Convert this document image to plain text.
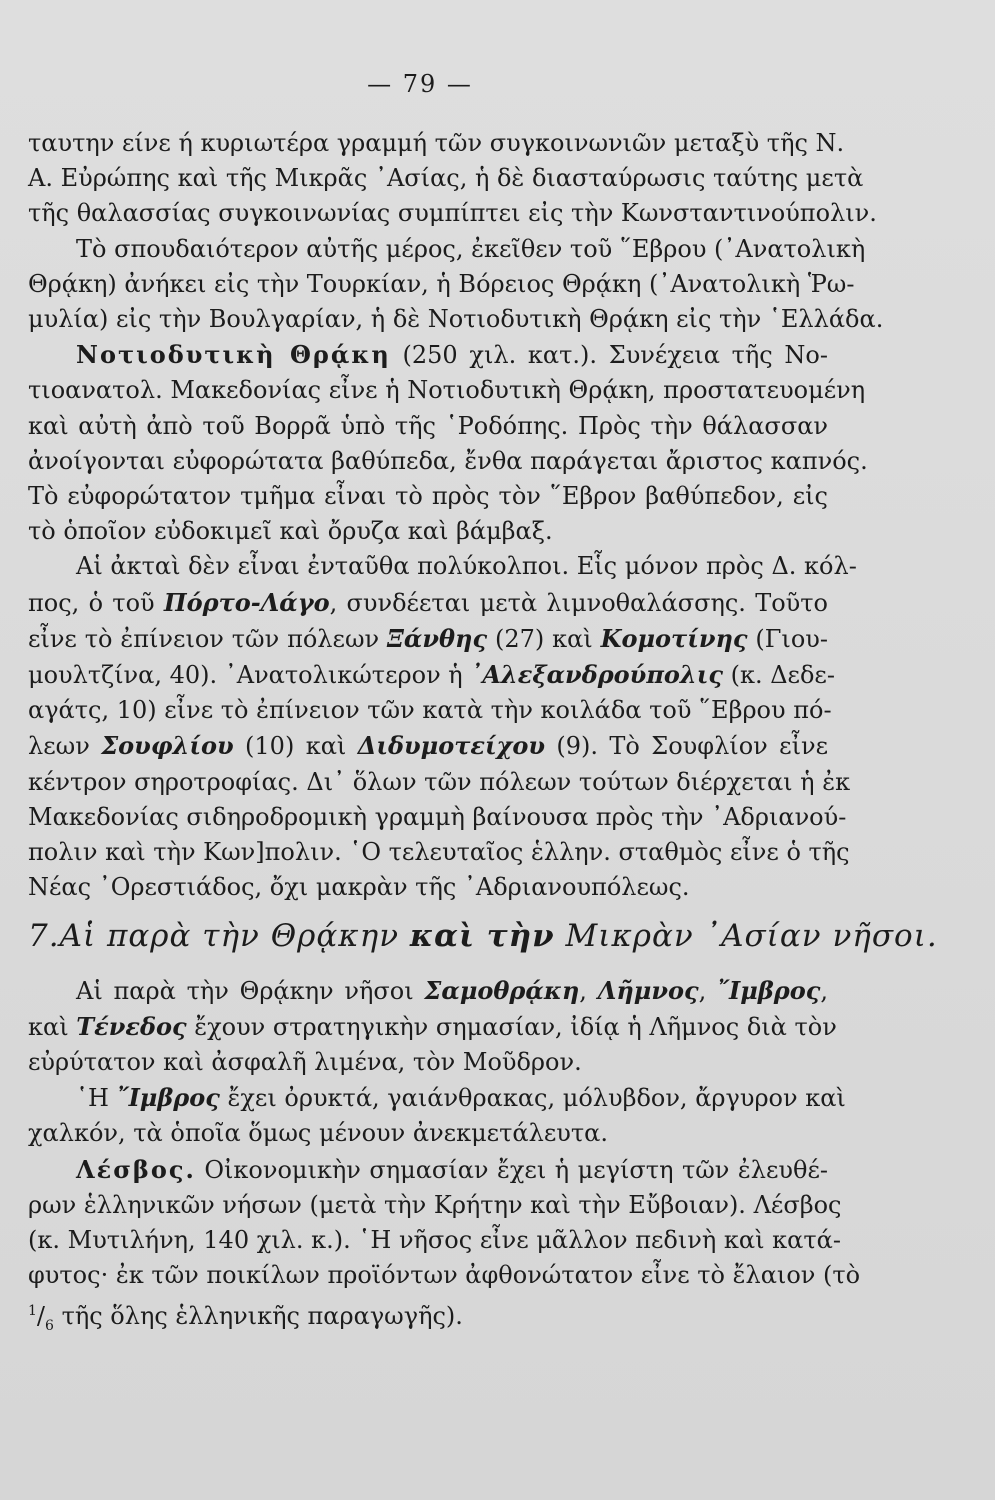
— 79 —
ταυτην είνε ή κυριωτέρα γραμμή τῶν συγκοινωνιῶν μεταξὺ τῆς Ν.
Α. Εὐρώπης καὶ τῆς Μικρᾶς ᾿Ασίας, ἡ δὲ διασταύρωσις ταύτης μετὰ
τῆς θαλασσίας συγκοινωνίας συμπίπτει εἰς τὴν Κωνσταντινούπολιν.
Τὸ σπουδαιότερον αὐτῆς μέρος, ἐκεῖθεν τοῦ ῞Εβρου (᾿Ανατολικὴ
Θρᾴκη) ἀνήκει εἰς τὴν Τουρκίαν, ἡ Βόρειος Θρᾴκη (᾿Ανατολικὴ Ῥω-
μυλία) εἰς τὴν Βουλγαρίαν, ἡ δὲ Νοτιοδυτικὴ Θρᾴκη εἰς τὴν ῾Ελλάδα.
Νοτιοδυτικὴ Θρᾴκη (250 χιλ. κατ.). Συνέχεια τῆς Νο-
τιοανατολ. Μακεδονίας εἶνε ἡ Νοτιοδυτικὴ Θρᾴκη, προστατευομένη
καὶ αὐτὴ ἀπὸ τοῦ Βορρᾶ ὑπὸ τῆς ῾Ροδόπης. Πρὸς τὴν θάλασσαν
ἀνοίγονται εὐφορώτατα βαθύπεδα, ἔνθα παράγεται ἄριστος καπνός.
Τὸ εὐφορώτατον τμῆμα εἶναι τὸ πρὸς τὸν ῞Εβρον βαθύπεδον, εἰς
τὸ ὁποῖον εὐδοκιμεῖ καὶ ὄρυζα καὶ βάμβαξ.
Αἱ ἀκταὶ δὲν εἶναι ἐνταῦθα πολύκολποι. Εἷς μόνον πρὸς Δ. κόλ-
πος, ὁ τοῦ Πόρτο-Λάγο, συνδέεται μετὰ λιμνοθαλάσσης. Τοῦτο
εἶνε τὸ ἐπίνειον τῶν πόλεων Ξάνθης (27) καὶ Κομοτίνης (Γιου-
μουλτζίνα, 40). ᾿Ανατολικώτερον ἡ ᾿Αλεξανδρούπολις (κ. Δεδε-
αγάτς, 10) εἶνε τὸ ἐπίνειον τῶν κατὰ τὴν κοιλάδα τοῦ ῞Εβρου πό-
λεων Σουφλίου (10) καὶ Διδυμοτείχου (9). Τὸ Σουφλίον εἶνε
κέντρον σηροτροφίας. Δι᾿ ὅλων τῶν πόλεων τούτων διέρχεται ἡ ἐκ
Μακεδονίας σιδηροδρομικὴ γραμμὴ βαίνουσα πρὸς τὴν ᾿Αδριανού-
πολιν καὶ τὴν Κων]πολιν. ῾Ο τελευταῖος ἑλλην. σταθμὸς εἶνε ὁ τῆς
Νέας ᾿Ορεστιάδος, ὄχι μακρὰν τῆς ᾿Αδριανουπόλεως.
7.Αἱ παρὰ τὴν Θρᾴκην καὶ τὴν Μικρὰν ᾿Ασίαν νῆσοι.
Αἱ παρὰ τὴν Θρᾴκην νῆσοι Σαμοθρᾴκη, Λῆμνος, ῎Ιμβρος,
καὶ Τένεδος ἔχουν στρατηγικὴν σημασίαν, ἰδίᾳ ἡ Λῆμνος διὰ τὸν
εὐρύτατον καὶ ἀσφαλῆ λιμένα, τὸν Μοῦδρον.
῾Η ῎Ιμβρος ἔχει ὀρυκτά, γαιάνθρακας, μόλυβδον, ἄργυρον καὶ
χαλκόν, τὰ ὁποῖα ὅμως μένουν ἀνεκμετάλευτα.
Λέσβος. Οἰκονομικὴν σημασίαν ἔχει ἡ μεγίστη τῶν ἐλευθέ-
ρων ἑλληνικῶν νήσων (μετὰ τὴν Κρήτην καὶ τὴν Εὔβοιαν). Λέσβος
(κ. Μυτιλήνη, 140 χιλ. κ.). ῾Η νῆσος εἶνε μᾶλλον πεδινὴ καὶ κατά-
φυτος· ἐκ τῶν ποικίλων προϊόντων ἀφθονώτατον εἶνε τὸ ἔλαιον (τὸ
$^1/_6$ τῆς ὅλης ἑλληνικῆς παραγωγῆς).
